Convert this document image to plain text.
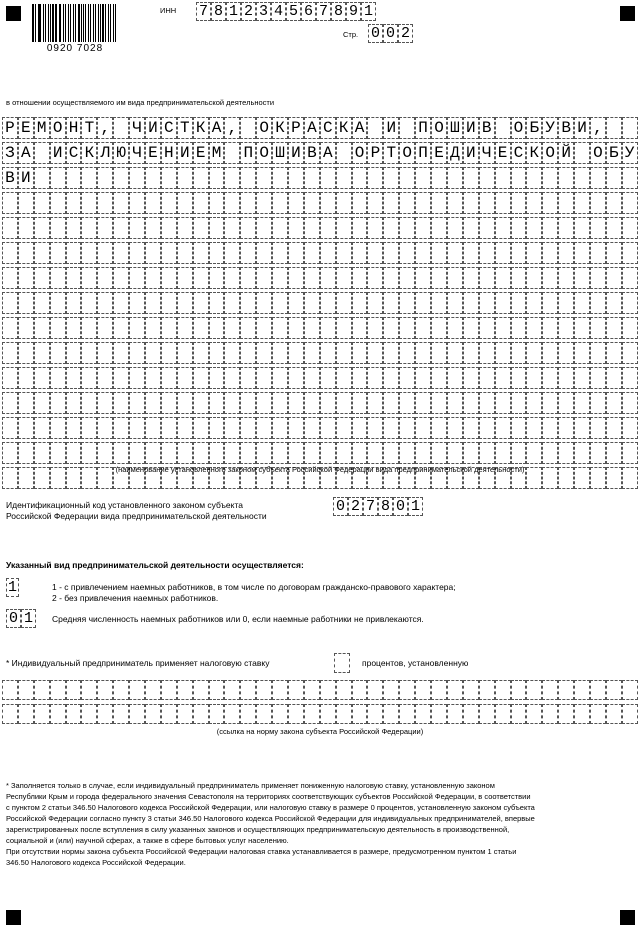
0920 7028
ИНН 7 8 1 2 3 4 5 6 7 8 9 1
Стр. 0 0 2
в отношении осуществляемого им вида предпринимательской деятельности
Р Е М О Н Т , Ч И С Т К А , О К Р А С К А И П О Ш И В О Б У В И ,
З А И С К Л Ю Ч Е Н И Е М П О Ш И В А О Р Т О П Е Д И Ч Е С К О Й О Б У
В И
(наименование установленного законом субъекта Российской Федерации вида предпринимательской деятельности)
Идентификационный код установленного законом субъекта
Российской Федерации вида предпринимательской деятельности
0 2 7 8 0 1
Указанный вид предпринимательской деятельности осуществляется:
1	1 - с привлечением наемных работников, в том числе по договорам гражданско-правового характера;
2 - без привлечения наемных работников.
0 1	Средняя численность наемных работников или 0, если наемные работники не привлекаются.
* Индивидуальный предприниматель применяет налоговую ставку	процентов, установленную
(ссылка на норму закона субъекта Российской Федерации)
* Заполняется только в случае, если индивидуальный предприниматель применяет пониженную налоговую ставку, установленную законом
Республики Крым и города федерального значения Севастополя на территориях соответствующих субъектов Российской Федерации, в соответствии
с пунктом 2 статьи 346.50 Налогового кодекса Российской Федерации, или налоговую ставку в размере 0 процентов, установленную законом субъекта
Российской Федерации согласно пункту 3 статьи 346.50 Налогового кодекса Российской Федерации для индивидуальных предпринимателей, впервые
зарегистрированных после вступления в силу указанных законов и осуществляющих предпринимательскую деятельность в производственной,
социальной и (или) научной сферах, а также в сфере бытовых услуг населению.
При отсутствии нормы закона субъекта Российской Федерации налоговая ставка устанавливается в размере, предусмотренном пунктом 1 статьи
346.50 Налогового кодекса Российской Федерации.
